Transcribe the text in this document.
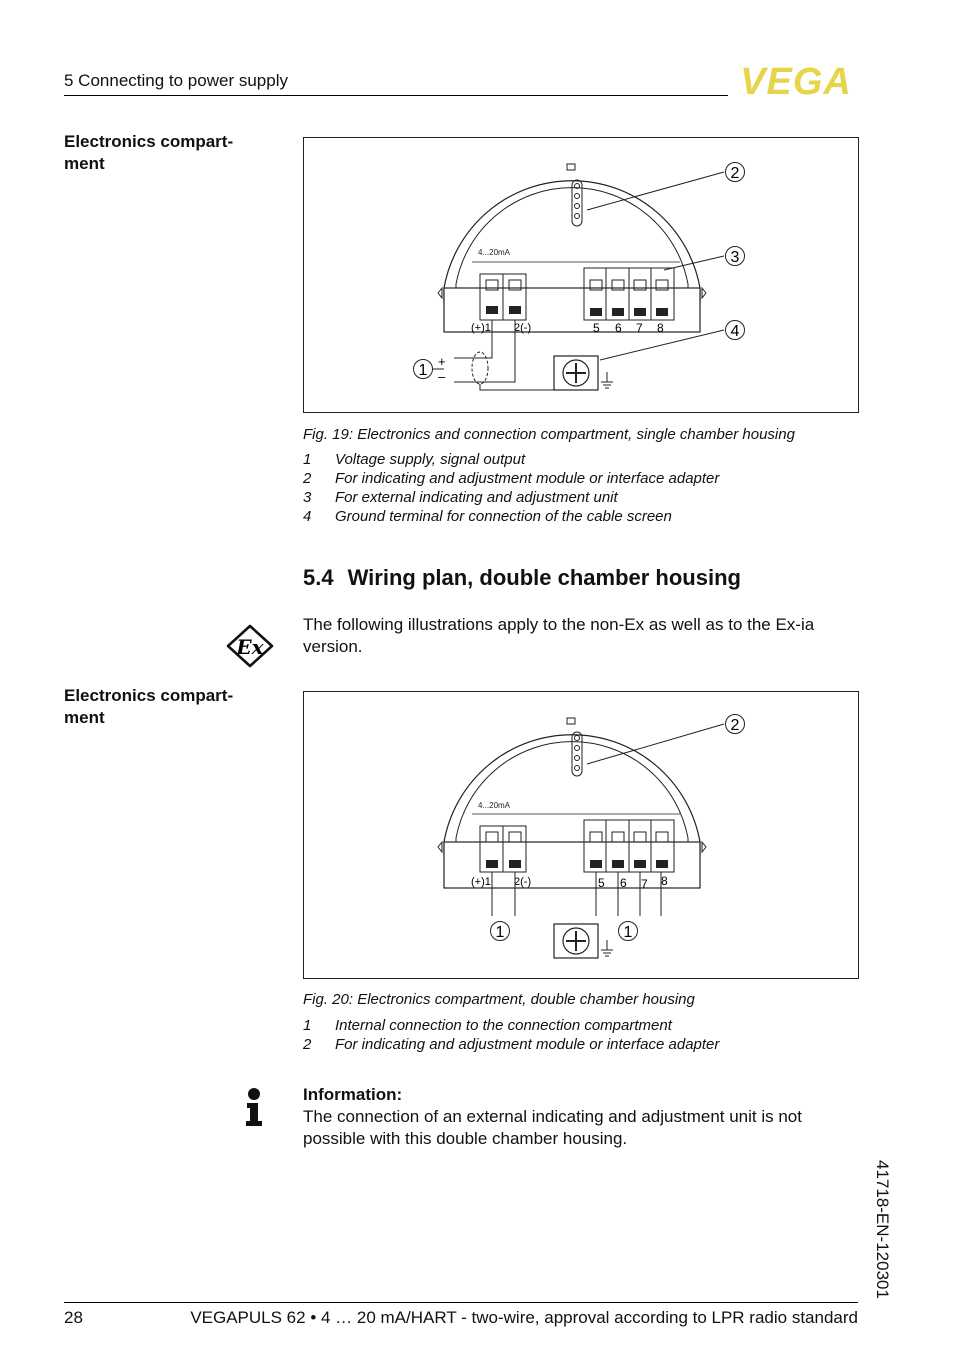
5 Connecting to power supply	VEGA
Electronics compart- ment
4...20mA
(+)1 2(-)	5 6 7 8
+
–
2
3
4
1
Fig. 19: Electronics and connection compartment, single chamber housing
1	Voltage supply, signal output
2	For indicating and adjustment module or interface adapter
3	For external indicating and adjustment unit
4	Ground terminal for connection of the cable screen
5.4 Wiring plan, double chamber housing
Ex
The following illustrations apply to the non-Ex as well as to the Ex-ia version.
Electronics compart- ment
4...20mA
(+)1 2(-)	5 6 7 8
2
1	1
Fig. 20: Electronics compartment, double chamber housing
1	Internal connection to the connection compartment
2	For indicating and adjustment module or interface adapter
Information:
The connection of an external indicating and adjustment unit is not possible with this double chamber housing.
41718-EN-120301
28	VEGAPULS 62 • 4 … 20 mA/HART - two-wire, approval according to LPR radio standard
